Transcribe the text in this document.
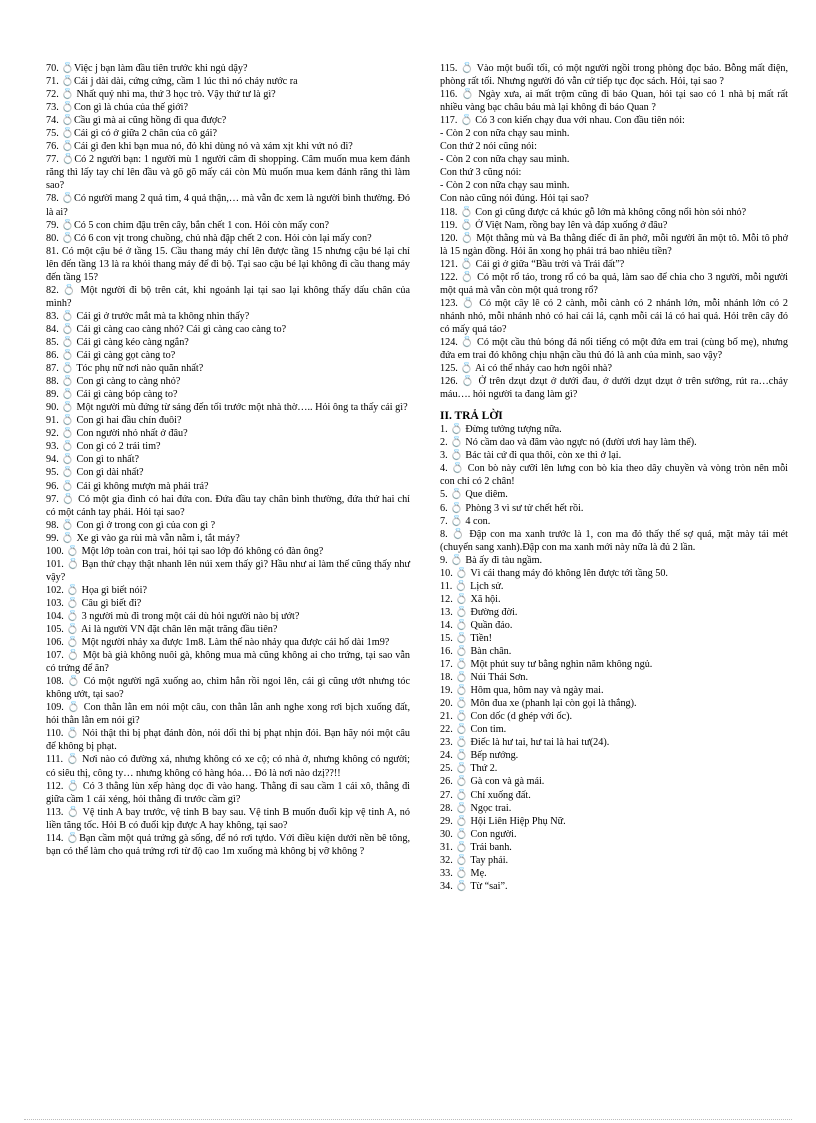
70. 💍Việc j bạn làm đầu tiên trước khi ngủ dậy?

71. 💍Cái j dài dài, cứng cứng, cầm 1 lúc thì nó chảy nước ra

72. 💍 Nhất quỷ nhì ma, thứ 3 học trò. Vậy thứ tư là gì?

73. 💍Con gì là chúa của thế giới?

74. 💍Cầu gì mà ai cũng hồng đi qua được?

75. 💍Cái gì có ở giữa 2 chân của cô gái?

76. 💍Cái gì đen khi bạn mua nó, đỏ khi dùng nó và xám xịt khi vứt nó đi?

77. 💍Có 2 người bạn: 1 người mù 1 người câm đi shopping. Câm muốn mua kem đánh răng thì lấy tay chỉ lên đầu và gõ gõ mấy cái còn Mù muốn mua kem đánh răng thì làm sao?

78. 💍Có người mang 2 quả tim, 4 quả thận,… mà vẫn đc xem là người bình thường. Đó là ai?

79. 💍Có 5 con chim đậu trên cây, bắn chết 1 con. Hỏi còn mấy con?

80. 💍Có 6 con vịt trong chuồng, chủ nhà đập chết 2 con. Hỏi còn lại mấy con?

81. Có một cậu bé ở tầng 15. Cầu thang máy chỉ lên được tầng 15 nhưng cậu bé lại chỉ lên đến tầng 13 là ra khỏi thang máy để đi bộ. Tại sao cậu bé lại không đi cầu thang máy đến tầng 15?

82. 💍 Một người đi bộ trên cát, khi ngoảnh lại tại sao lại không thấy dấu chân của mình?

83. 💍 Cái gì ở trước mắt mà ta không nhìn thấy?

84. 💍 Cái gì càng cao càng nhỏ? Cái gì càng cao càng to?

85. 💍 Cái gì càng kéo càng ngắn?

86. 💍 Cái gì càng gọt càng to?

87. 💍 Tóc phụ nữ nơi nào quăn nhất?

88. 💍 Con gì càng to càng nhỏ?

89. 💍 Cái gì càng bóp càng to?

90. 💍 Một người mù đứng từ sáng đến tối trước một nhà thờ….. Hỏi ông ta thấy cái gì?

91. 💍 Con gì hai đầu chín đuôi?

92. 💍 Con người nhỏ nhất ở đâu?

93. 💍 Con gì có 2 trái tim?

94. 💍 Con gì to nhất?

95. 💍 Con gì dài nhất?

96. 💍 Cái gì không mượn mà phải trả?

97. 💍 Có một gia đình có hai đứa con. Đứa đầu tay chân bình thường, đứa thứ hai chỉ có một cánh tay phải. Hỏi tại sao?

98. 💍 Con gì ở trong con gì của con gì ?

99. 💍 Xe gì vào ga rùi mà vẫn nằm i, tắt máy?

100. 💍 Một lớp toàn con trai, hỏi tại sao lớp đó không có đàn ông?

101. 💍 Bạn thử chạy thật nhanh lên núi xem thấy gì? Hầu như ai làm thế cũng thấy như vậy?

102. 💍 Họa gì biết nói?

103. 💍 Câu gì biết đi?

104. 💍 3 người mù đi trong một cái dù hỏi người nào bị ướt?

105. 💍 Ai là người VN đặt chân lên mặt trăng đầu tiên?

106. 💍 Một người nhảy xa được 1m8. Làm thế nào nhảy qua được cái hố dài 1m9?

107. 💍 Một bà già không nuôi gà, không mua mà cũng không ai cho trứng, tại sao vẫn có trứng để ăn?

108. 💍 Có một người ngã xuống ao, chìm hẳn rồi ngoi lên, cái gì cũng ướt nhưng tóc không ướt, tại sao?

109. 💍 Con thằn lằn em nói một câu, con thằn lằn anh nghe xong rơi bịch xuống đất, hỏi thằn lằn em nói gì?

110. 💍 Nói thật thì bị phạt đánh đòn, nói dối thì bị phạt nhịn đói. Bạn hãy nói một câu để không bị phạt.

111. 💍 Nơi nào có đường xá, nhưng không có xe cộ; có nhà ở, nhưng không có người; có siêu thị, công ty… nhưng không có hàng hóa… Đó là nơi nào dzị??!!

112. 💍 Có 3 thằng lùn xếp hàng dọc đi vào hang. Thằng đi sau cầm 1 cái xô, thằng đi giữa cầm 1 cái xẻng, hỏi thằng đi trước cầm gì?

113. 💍 Vệ tinh A bay trước, vệ tinh B bay sau. Vệ tinh B muốn đuổi kịp vệ tinh A, nó liền tăng tốc. Hỏi B có đuổi kịp được A hay không, tại sao?

114. 💍Bạn cầm một quả trứng gà sống, để nó rơi tựdo. Với điều kiện dưới nền bê tông, bạn có thể làm cho quả trứng rơi từ độ cao 1m xuống mà không bị vỡ không ?

115. 💍 Vào một buổi tối, có một người ngồi trong phòng đọc báo. Bỗng mất điện, phòng rất tối. Nhưng người đó vẫn cứ tiếp tục đọc sách. Hỏi, tại sao ?

116. 💍 Ngày xưa, ai mất trộm cũng đi báo Quan, hỏi tại sao có 1 nhà bị mất rất nhiều vàng bạc châu báu mà lại không đi báo Quan ?

117. 💍 Có 3 con kiến chạy đua với nhau. Con đầu tiên nói:

- Còn 2 con nữa chạy sau mình.

Con thứ 2 nói cũng nói:

- Còn 2 con nữa chạy sau mình.

Con thứ 3 cũng nói:

- Còn 2 con nữa chạy sau mình.

Con nào cũng nói đúng. Hỏi tại sao?

118. 💍 Con gì cũng được cả khúc gỗ lớn mà không cõng nổi hòn sỏi nhỏ?

119. 💍 Ở Việt Nam, rồng bay lên và đáp xuống ở đâu?

120. 💍 Một thằng mù và Ba thằng điếc đi ăn phở, mỗi người ăn một tô. Mỗi tô phở là 15 ngàn đồng. Hỏi ăn xong họ phải trả bao nhiêu tiền?

121. 💍 Cái gì ở giữa “Bầu trời và Trái đất”?

122. 💍 Có một rổ táo, trong rổ có ba quả, làm sao để chia cho 3 người, mỗi người một quả mà vẫn còn một quả trong rổ?

123. 💍 Có một cây lê có 2 cành, mỗi cành có 2 nhánh lớn, mỗi nhánh lớn có 2 nhánh nhỏ, mỗi nhánh nhỏ có hai cái lá, cạnh mỗi cái lá có hai quả. Hỏi trên cây đó có mấy quả táo?

124. 💍 Có một cầu thủ bóng đá nổi tiếng có một đứa em trai (cùng bố mẹ), nhưng đứa em trai đó không chịu nhận cầu thủ đó là anh của mình, sao vậy?

125. 💍 Ai có thể nhảy cao hơn ngôi nhà?

126. 💍 Ở trên dzụt dzụt ở dưới đau, ở dưới dzụt dzụt ở trên sướng, rút ra…chảy máu…. hỏi người ta đang làm gì?

II. TRẢ LỜI

1. 💍 Đừng tưởng tượng nữa.

2. 💍 Nó cầm dao và đâm vào ngực nó (đười ươi hay làm thế).

3. 💍 Bác tài cứ đi qua thôi, còn xe thì ở lại.

4. 💍 Con bò này cưỡi lên lưng con bò kia theo dây chuyền và vòng tròn nên mỗi con chỉ có 2 chân!

5. 💍 Que diêm.

6. 💍 Phòng 3 vì sư tử chết hết rồi.

7. 💍 4 con.

8. 💍 Đập con ma xanh trước là 1, con ma đỏ thấy thế sợ quá, mặt mày tái mét (chuyển sang xanh).Đập con ma xanh mới này nữa là đủ 2 lần.

9. 💍 Bà ấy đi tàu ngầm.

10. 💍 Vì cái thang máy đó không lên được tới tầng 50.

11. 💍 Lịch sử.

12. 💍 Xã hội.

13. 💍 Đường đời.

14. 💍 Quần đảo.

15. 💍 Tiền!

16. 💍 Bàn chân.

17. 💍 Một phút suy tư bằng nghìn năm không ngủ.

18. 💍 Núi Thái Sơn.

19. 💍 Hôm qua, hôm nay và ngày mai.

20. 💍 Môn đua xe (phanh lại còn gọi là thắng).

21. 💍 Con dốc (d ghép với ốc).

22. 💍 Con tim.

23. 💍 Điếc là hư tai, hư tai là hai tư(24).

24. 💍 Bếp nướng.

25. 💍 Thứ 2.

26. 💍 Gà con và gà mái.

27. 💍 Chỉ xuống đất.

28. 💍 Ngọc trai.

29. 💍 Hội Liên Hiệp Phụ Nữ.

30. 💍 Con người.

31. 💍 Trái banh.

32. 💍 Tay phải.

33. 💍 Mẹ.

34. 💍 Từ “sai”.
